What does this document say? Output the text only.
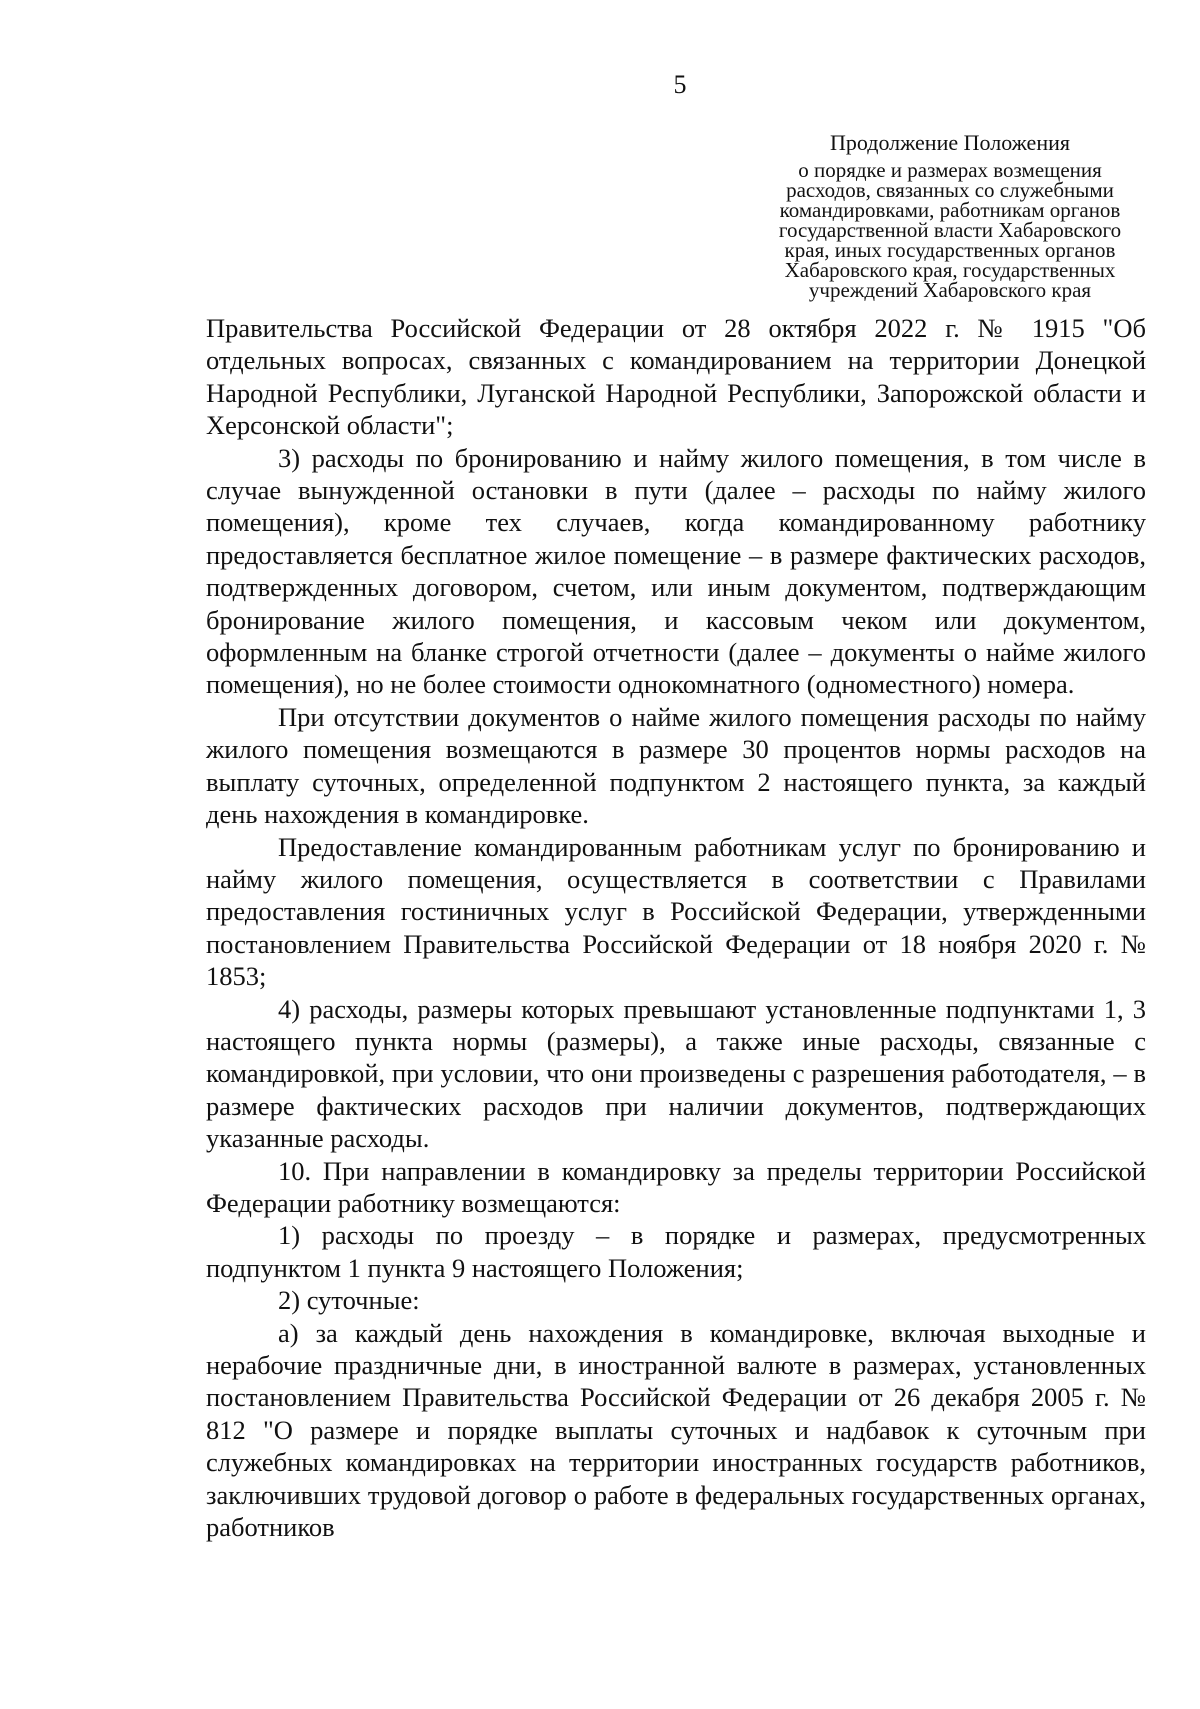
5
Продолжение Положения
о порядке и размерах возмещения
расходов, связанных со служебными
командировками, работникам органов
государственной власти Хабаровского
края, иных государственных органов
Хабаровского края, государственных
учреждений Хабаровского края

Правительства Российской Федерации от 28 октября 2022 г. № 1915 "Об отдельных вопросах, связанных с командированием на территории Донецкой Народной Республики, Луганской Народной Республики, Запорожской области и Херсонской области";

3) расходы по бронированию и найму жилого помещения, в том числе в случае вынужденной остановки в пути (далее – расходы по найму жилого помещения), кроме тех случаев, когда командированному работнику предоставляется бесплатное жилое помещение – в размере фактических расходов, подтвержденных договором, счетом, или иным документом, подтверждающим бронирование жилого помещения, и кассовым чеком или документом, оформленным на бланке строгой отчетности (далее – документы о найме жилого помещения), но не более стоимости однокомнатного (одноместного) номера.

При отсутствии документов о найме жилого помещения расходы по найму жилого помещения возмещаются в размере 30 процентов нормы расходов на выплату суточных, определенной подпунктом 2 настоящего пункта, за каждый день нахождения в командировке.

Предоставление командированным работникам услуг по бронированию и найму жилого помещения, осуществляется в соответствии с Правилами предоставления гостиничных услуг в Российской Федерации, утвержденными постановлением Правительства Российской Федерации от 18 ноября 2020 г. № 1853;

4) расходы, размеры которых превышают установленные подпунктами 1, 3 настоящего пункта нормы (размеры), а также иные расходы, связанные с командировкой, при условии, что они произведены с разрешения работодателя, – в размере фактических расходов при наличии документов, подтверждающих указанные расходы.

10. При направлении в командировку за пределы территории Российской Федерации работнику возмещаются:

1) расходы по проезду – в порядке и размерах, предусмотренных подпунктом 1 пункта 9 настоящего Положения;

2) суточные:

а) за каждый день нахождения в командировке, включая выходные и нерабочие праздничные дни, в иностранной валюте в размерах, установленных постановлением Правительства Российской Федерации от 26 декабря 2005 г. № 812 "О размере и порядке выплаты суточных и надбавок к суточным при служебных командировках на территории иностранных государств работников, заключивших трудовой договор о работе в федеральных государственных органах, работников
